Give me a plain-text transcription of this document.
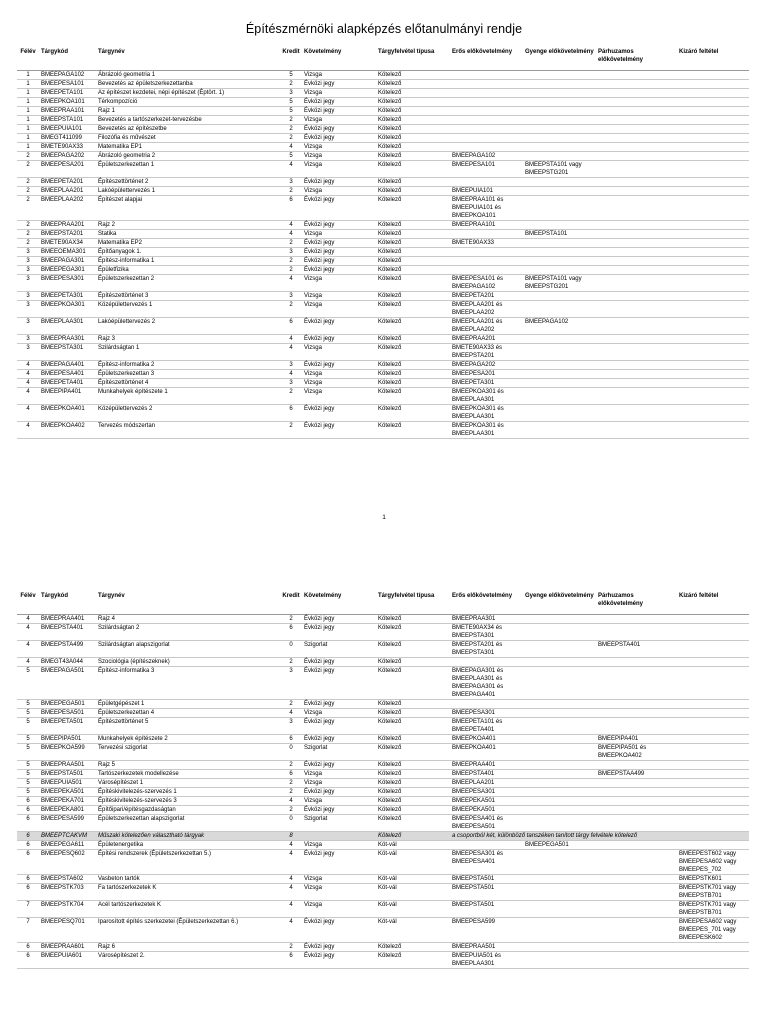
Építészmérnöki alapképzés előtanulmányi rendje
Félév	Tárgykód	Tárgynév	Kredit	Követelmény	Tárgyfelvétel típusa	Erős előkövetelmény	Gyenge előkövetelmény	Párhuzamos előkövetelmény	Kizáró feltétel
1	BMEEPAGA102	Ábrázoló geometria 1	5	Vizsga	Kötelező				
1	BMEEPESA101	Bevezetés az épületszerkezettanba	2	Évközi jegy	Kötelező				
1	BMEEPETA101	Az építészet kezdetei, népi építészet (Éptört. 1)	3	Vizsga	Kötelező				
1	BMEEPKOA101	Térkompozíció	5	Évközi jegy	Kötelező				
1	BMEEPRAA101	Rajz 1	5	Évközi jegy	Kötelező				
1	BMEEPSTA101	Bevezetés a tartószerkezet-tervezésbe	2	Vizsga	Kötelező				
1	BMEEPUIA101	Bevezetés az építészetbe	2	Évközi jegy	Kötelező				
1	BMEGT411099	Filozófia és művészet	2	Évközi jegy	Kötelező				
1	BMETE90AX33	Matematika EP1	4	Vizsga	Kötelező				
2	BMEEPAGA202	Ábrázoló geometria 2	5	Vizsga	Kötelező	BMEEPAGA102			
2	BMEEPESA201	Épületszerkezettan 1	4	Vizsga	Kötelező	BMEEPESA101	BMEEPSTA101 vagy
BMEEPSTG201		
2	BMEEPETA201	Építészettörténet 2	3	Évközi jegy	Kötelező				
2	BMEEPLAA201	Lakóépülettervezés 1	2	Vizsga	Kötelező	BMEEPUIA101			
2	BMEEPLAA202	Építészet alapjai	6	Évközi jegy	Kötelező	BMEEPRAA101 és
BMEEPUIA101 és
BMEEPKOA101			
2	BMEEPRAA201	Rajz 2	4	Évközi jegy	Kötelező	BMEEPRAA101			
2	BMEEPSTA201	Statika	4	Vizsga	Kötelező		BMEEPSTA101		
2	BMETE90AX34	Matematika EP2	2	Évközi jegy	Kötelező	BMETE90AX33			
3	BMEEOEMA301	Építőanyagok 1.	3	Évközi jegy	Kötelező				
3	BMEEPAGA301	Építész-informatika 1	2	Évközi jegy	Kötelező				
3	BMEEPEGA301	Épületfizika	2	Évközi jegy	Kötelező				
3	BMEEPESA301	Épületszerkezettan 2	4	Vizsga	Kötelező	BMEEPESA101 és
BMEEPAGA102	BMEEPSTA101 vagy
BMEEPSTG201		
3	BMEEPETA301	Építészettörténet 3	3	Vizsga	Kötelező	BMEEPETA201			
3	BMEEPKOA301	Középülettervezés 1	2	Vizsga	Kötelező	BMEEPLAA201 és
BMEEPLAA202			
3	BMEEPLAA301	Lakóépülettervezés 2	6	Évközi jegy	Kötelező	BMEEPLAA201 és
BMEEPLAA202	BMEEPAGA102		
3	BMEEPRAA301	Rajz 3	4	Évközi jegy	Kötelező	BMEEPRAA201			
3	BMEEPSTA301	Szilárdságtan 1	4	Vizsga	Kötelező	BMETE90AX33 és
BMEEPSTA201			
4	BMEEPAGA401	Építész-informatika 2	3	Évközi jegy	Kötelező	BMEEPAGA202			
4	BMEEPESA401	Épületszerkezettan 3	4	Vizsga	Kötelező	BMEEPESA201			
4	BMEEPETA401	Építészettörténet 4	3	Vizsga	Kötelező	BMEEPETA301			
4	BMEEPIPA401	Munkahelyek építészete 1	2	Vizsga	Kötelező	BMEEPKOA301 és
BMEEPLAA301			
4	BMEEPKOA401	Középülettervezés 2	6	Évközi jegy	Kötelező	BMEEPKOA301 és
BMEEPLAA301			
4	BMEEPKOA402	Tervezés módszertan	2	Évközi jegy	Kötelező	BMEEPKOA301 és
BMEEPLAA301			
1
Félév	Tárgykód	Tárgynév	Kredit	Követelmény	Tárgyfelvétel típusa	Erős előkövetelmény	Gyenge előkövetelmény	Párhuzamos előkövetelmény	Kizáró feltétel
4	BMEEPRAA401	Rajz 4	2	Évközi jegy	Kötelező	BMEEPRAA301			
4	BMEEPSTA401	Szilárdságtan 2	6	Évközi jegy	Kötelező	BMETE90AX34 és
BMEEPSTA301			
4	BMEEPSTA499	Szilárdságtan alapszigorlat	0	Szigorlat	Kötelező	BMEEPSTA201 és
BMEEPSTA301		BMEEPSTA401	
4	BMEGT43A044	Szociológia (építészeknek)	2	Évközi jegy	Kötelező				
5	BMEEPAGA501	Építész-informatika 3	3	Évközi jegy	Kötelező	BMEEPAGA301 és
BMEEPLAA301 és
BMEEPAGA301 és
BMEEPAGA401			
5	BMEEPEGA501	Épületgépészet 1	2	Évközi jegy	Kötelező				
5	BMEEPESA501	Épületszerkezettan 4	4	Vizsga	Kötelező	BMEEPESA301			
5	BMEEPETA501	Építészettörténet 5	3	Évközi jegy	Kötelező	BMEEPETA101 és
BMEEPETA401			
5	BMEEPIPA501	Munkahelyek építészete 2	6	Évközi jegy	Kötelező	BMEEPKOA401		BMEEPIPA401	
5	BMEEPKOA599	Tervezési szigorlat	0	Szigorlat	Kötelező	BMEEPKOA401		BMEEPIPA501 és
BMEEPKOA402	
5	BMEEPRAA501	Rajz 5	2	Évközi jegy	Kötelező	BMEEPRAA401			
5	BMEEPSTA501	Tartószerkezetek modellezése	6	Vizsga	Kötelező	BMEEPSTA401		BMEEPSTAA499	
5	BMEEPUIA501	Városépítészet 1	2	Vizsga	Kötelező	BMEEPLAA201			
5	BMEEPEKA501	Építéskivitelezés-szervezés 1	2	Évközi jegy	Kötelező	BMEEPESA301			
6	BMEEPEKA701	Építéskivitelezés-szervezés 3	4	Vizsga	Kötelező	BMEEPEKA501			
6	BMEEPEKA801	Építőipari/építésgazdaságtan	2	Évközi jegy	Kötelező	BMEEPEKA501			
6	BMEEPESA599	Épületszerkezettan alapszigorlat	0	Szigorlat	Kötelező	BMEEPESA401 és
BMEEPESA501			
6	BMEEPTCAKVM	Műszaki kötelezően választható tárgyak	8		Kötelező	a csoportból két, különböző tanszéken tanított tárgy felvétele kötelező			
6	BMEEPEGA611	Épületenergetika	4	Vizsga	Köt-vál		BMEEPEGA501		
6	BMEEPESQ602	Építési rendszerek (Épületszerkezettan 5.)	4	Évközi jegy	Köt-vál	BMEEPESA301 és
BMEEPESA401			BMEEPEST602 vagy
BMEEPESA602 vagy
BMEEPES_702
6	BMEEPSTA602	Vasbeton tartók	4	Vizsga	Köt-vál	BMEEPSTA501			BMEEPSTK601
6	BMEEPSTK703	Fa tartószerkezetek K	4	Vizsga	Köt-vál	BMEEPSTA501			BMEEPSTK701 vagy
BMEEPSTB701
7	BMEEPSTK704	Acél tartószerkezetek K	4	Vizsga	Köt-vál	BMEEPSTA501			BMEEPSTK701 vagy
BMEEPSTB701
7	BMEEPESQ701	Iparosított építés szerkezetei (Épületszerkezettan 6.)	4	Évközi jegy	Köt-vál	BMEEPESA599			BMEEPESA602 vagy
BMEEPES_701 vagy
BMEEPESK602
6	BMEEPRAA601	Rajz 6	2	Évközi jegy	Kötelező	BMEEPRAA501			
6	BMEEPUIA601	Városépítészet 2.	6	Évközi jegy	Kötelező	BMEEPUIA501 és
BMEEPLAA301			
